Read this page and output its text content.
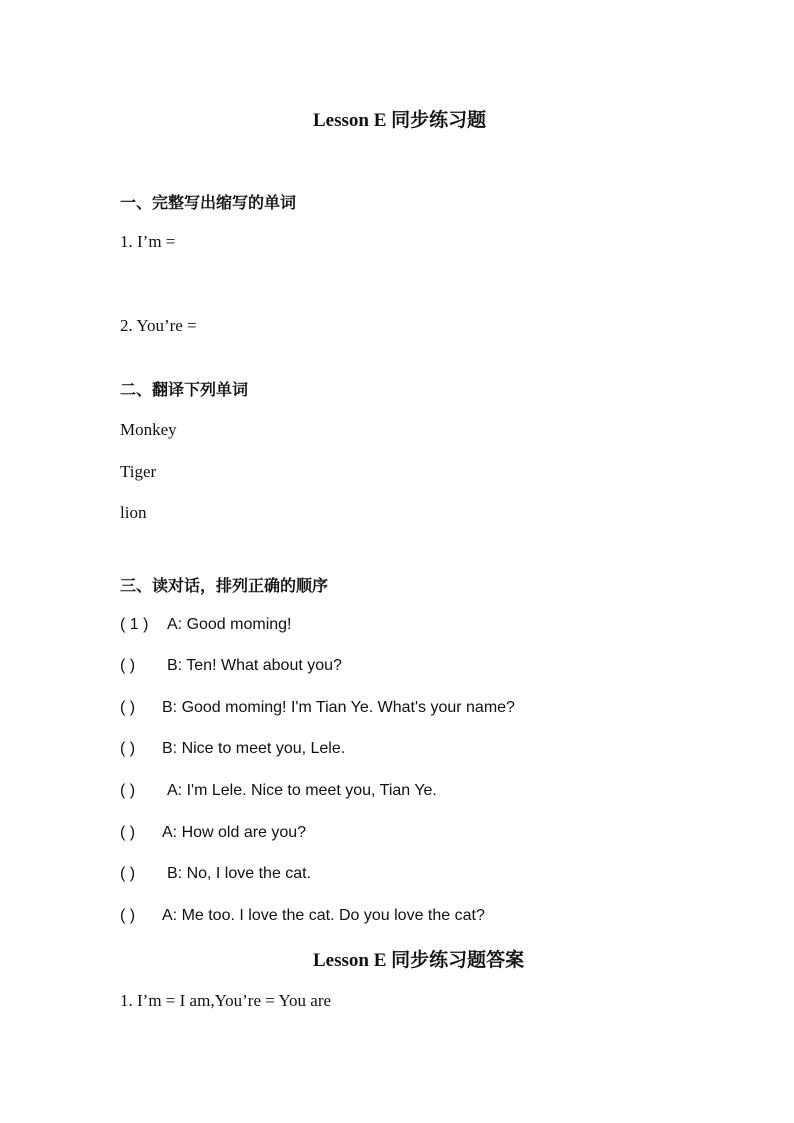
Lesson E 同步练习题
一、完整写出缩写的单词
1. I’m =
2. You’re =
二、翻译下列单词
Monkey
Tiger
lion
三、读对话，排列正确的顺序
( 1 ) A: Good moming!
( ) B: Ten! What about you?
( ) B: Good moming! I'm Tian Ye. What's your name?
( ) B: Nice to meet you, Lele.
( ) A: I'm Lele. Nice to meet you, Tian Ye.
( ) A: How old are you?
( ) B: No, I love the cat.
( ) A: Me too. I love the cat. Do you love the cat?
Lesson E 同步练习题答案
1. I’m = I am,You’re = You are
